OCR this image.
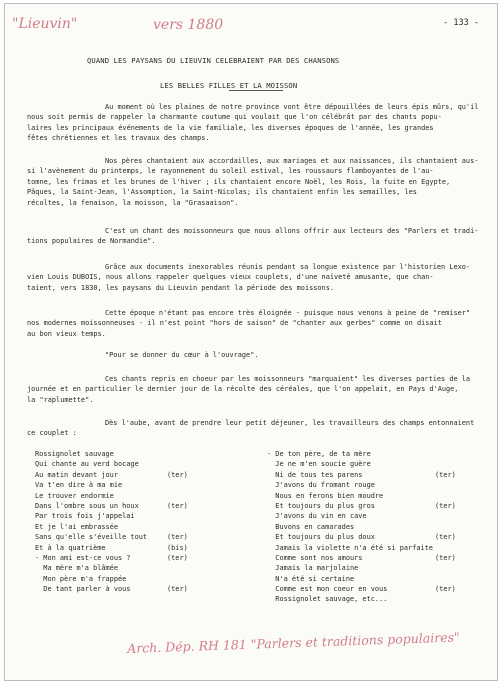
"Lieuvin"	vers 1880	- 133 -
QUAND LES PAYSANS DU LIEUVIN CELEBRAIENT PAR DES CHANSONS
LES BELLES FILLES ET LA MOISSON
Au moment où les plaines de notre province vont être dépouillées de leurs épis mûrs, qu'il
nous soit permis de rappeler la charmante coutume qui voulait que l'on célébrât par des chants popu-
laires les principaux événements de la vie familiale, les diverses époques de l'année, les grandes
fêtes chrétiennes et les travaux des champs.
Nos pères chantaient aux accordailles, aux mariages et aux naissances, ils chantaient aus-
si l'avènement du printemps, le rayonnement du soleil estival, les roussaurs flamboyantes de l'au-
tomne, les frimas et les brunes de l'hiver ; ils chantaient encore Noël, les Rois, la fuite en Egypte,
Pâques, la Saint-Jean, l'Assomption, la Saint-Nicolas; ils chantaient enfin les semailles, les
récoltes, la fenaison, la moisson, la "Grasaaison".
C'est un chant des moissonneurs que nous allons offrir aux lecteurs des "Parlers et tradi-
tions populaires de Normandie".
Grâce aux documents inexorables réunis pendant sa longue existence par l'historien Lexo-
vien Louis DUBOIS, nous allons rappeler quelques vieux couplets, d'une naïveté amusante, que chan-
taient, vers 1830, les paysans du Lieuvin pendant la période des moissons.
Cette époque n'étant pas encore très éloignée - puisque nous venons à peine de "remiser"
nos modernes moissonneuses - il n'est point "hors de saison" de "chanter aux gerbes" comme on disait
au bon vieux temps.
"Pour se donner du cœur à l'ouvrage".
Ces chants repris en choeur par les moissonneurs "marquaient" les diverses parties de la
journée et en particulier le dernier jour de la récolte des céréales, que l'on appelait, en Pays d'Auge,
la "raplumette".
Dès l'aube, avant de prendre leur petit déjeuner, les travailleurs des champs entonnaient
ce couplet :
Rossignolet sauvage
Qui chante au verd bocage
Au matin devant jour	(ter)
Va t'en dire à ma mie
Le trouver endormie
Dans l'ombre sous un houx	(ter)
Par trois fois j'appelai
Et je l'ai embrassée
Sans qu'elle s'éveille tout	(ter)
Et à la quatrième	(bis)
- Mon ami est-ce vous ?	(ter)
Ma mère m'a blâmée
Mon père m'a frappée
De tant parler à vous	(ter)
- De ton père, de ta mère
Je ne m'en soucie guère
Ni de tous tes parens	(ter)
J'avons du fromant rouge
Nous en ferons bien moudre
Et toujours du plus gros	(ter)
J'avons du vin en cave
Buvons en camarades
Et toujours du plus doux	(ter)
Jamais la violette n'a été si parfaite
Comme sont nos amours	(ter)
Jamais la marjolaine
N'a été si certaine
Comme est mon coeur en vous	(ter)
Rossignolet sauvage, etc...
Arch. Dép. RH 181 "Parlers et traditions populaires"
